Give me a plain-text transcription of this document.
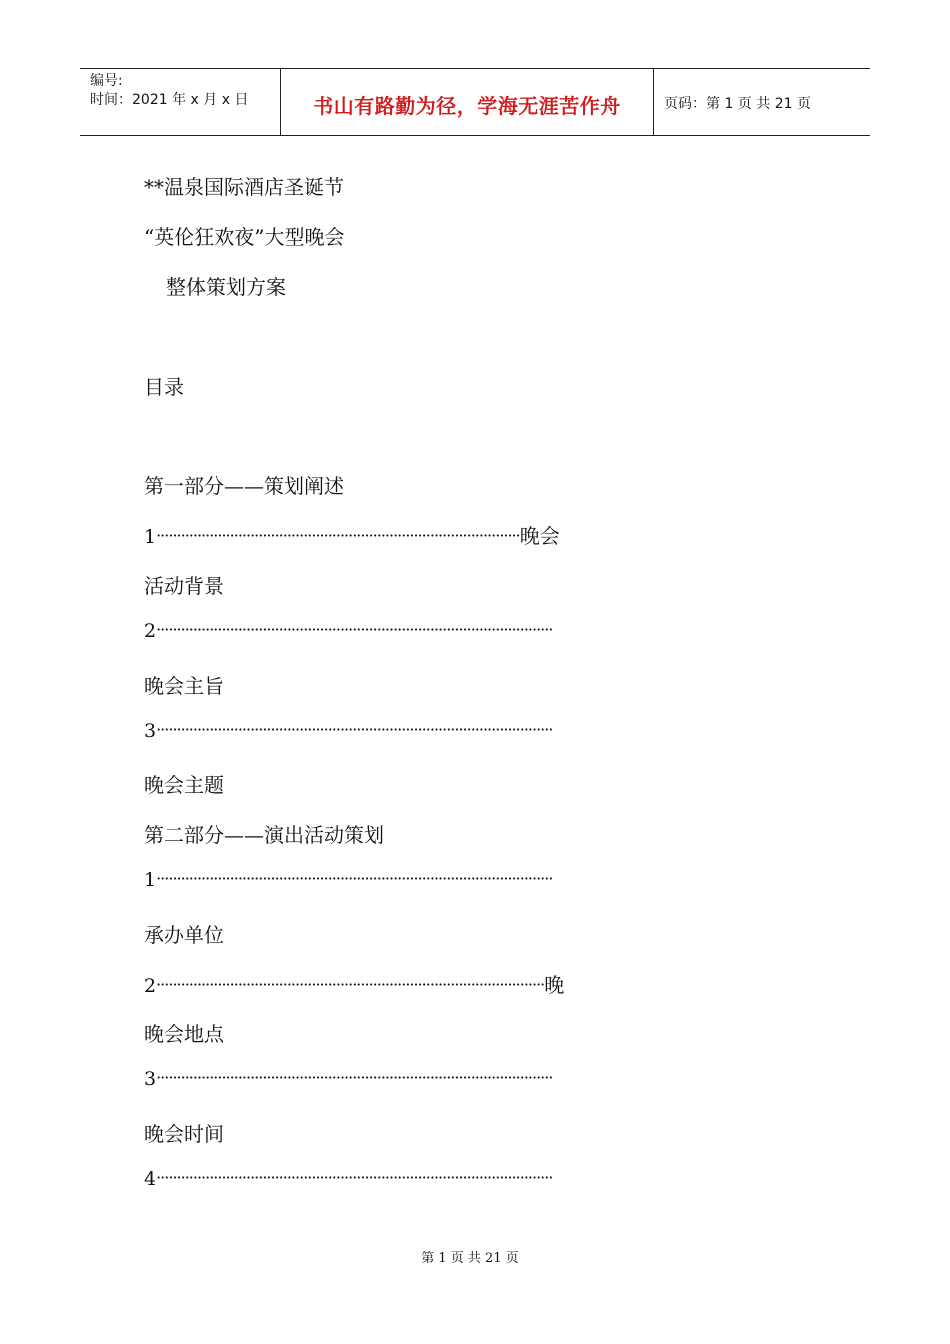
编号:
时间：2021 年 x 月 x 日	书山有路勤为径，学海无涯苦作舟	页码：第 1 页 共 21 页
**温泉国际酒店圣诞节
“英伦狂欢夜”大型晚会
整体策划方案
目录
第一部分——策划阐述
1·························································································晚会
活动背景
2·································································································
晚会主旨
3·································································································
晚会主题
第二部分——演出活动策划
1·································································································
承办单位
2·······························································································晚
晚会地点
3·································································································
晚会时间
4·································································································
第 1 页 共 21 页
